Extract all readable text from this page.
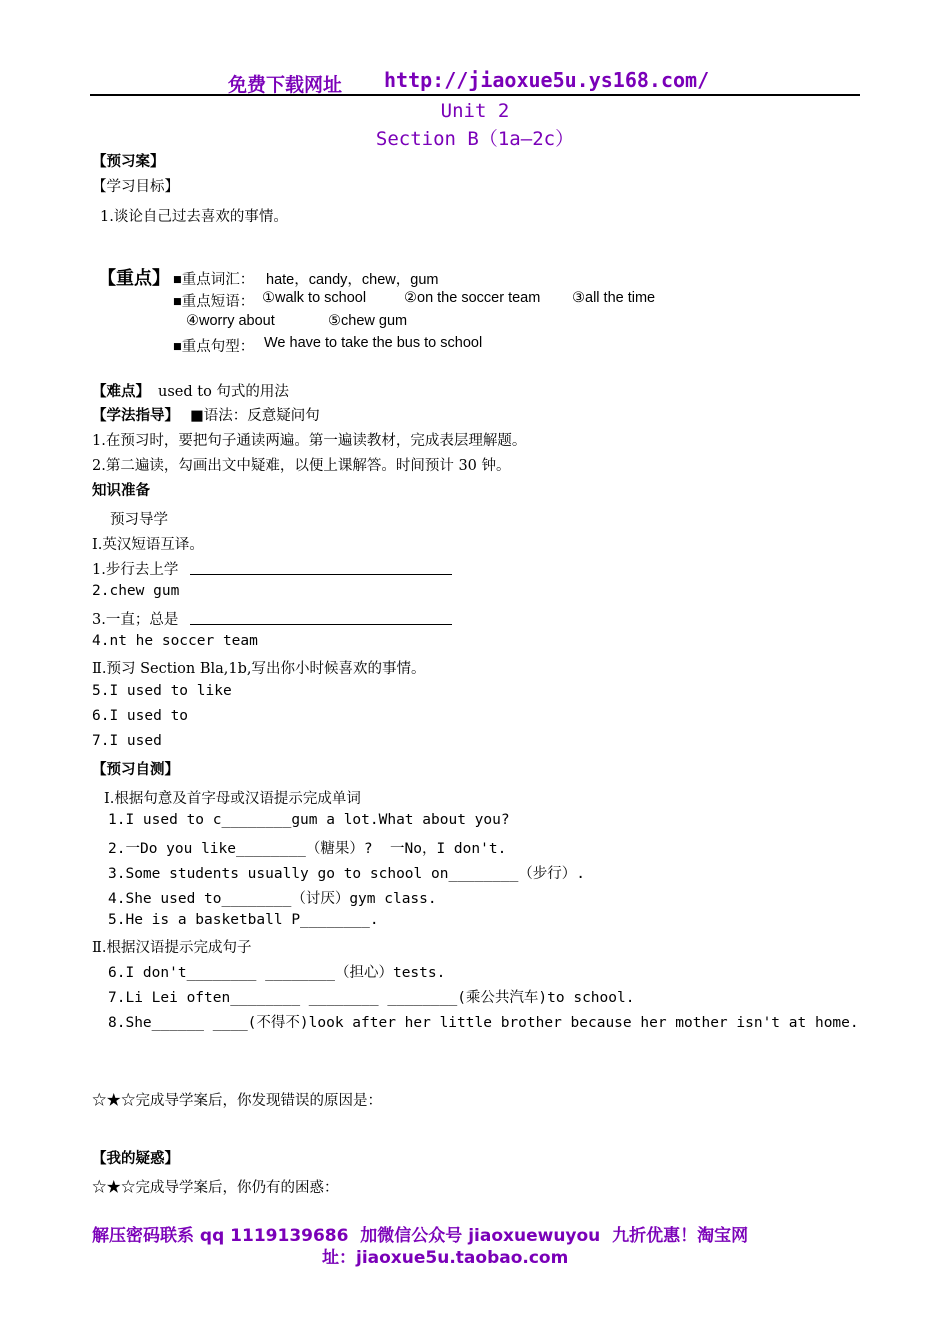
免费下载网址 http://jiaoxue5u.ys168.com/
Unit 2
Section B（1a—2c）
【预习案】
【学习目标】
1.谈论自己过去喜欢的事情。
【重点】 ■重点词汇： hate，candy，chew，gum
■重点短语： ①walk to school	②on the soccer team ③all the time
④worry about	⑤chew gum
■重点句型： We have to take the bus to school
【难点】 used to 句式的用法
【学法指导】 ■语法：反意疑问句
1.在预习时，要把句子通读两遍。第一遍读教材，完成表层理解题。
2.第二遍读，勾画出文中疑难，以便上课解答。时间预计 30 钟。
知识准备
预习导学
Ⅰ.英汉短语互译。
1.步行去上学
2.chew gum
3.一直；总是
4.nt he soccer team
Ⅱ.预习 Section Bla,1b,写出你小时候喜欢的事情。
5.I used to like
6.I used to
7.I used
【预习自测】
Ⅰ.根据句意及首字母或汉语提示完成单词
1.I used to c________gum a lot.What about you?
2.一Do you like________（糖果）?  一No，I don't.
3.Some students usually go to school on________（步行）.
4.She used to________（讨厌）gym class.
5.He is a basketball P________.
Ⅱ.根据汉语提示完成句子
6.I don't________ ________（担心）tests.
7.Li Lei often________ ________ ________(乘公共汽车)to school.
8.She______ ____(不得不)look after her little brother because her mother isn't at home.
☆★☆完成导学案后，你发现错误的原因是：
【我的疑惑】
☆★☆完成导学案后，你仍有的困惑：
解压密码联系 qq 1119139686  加微信公众号 jiaoxuewuyou  九折优惠！淘宝网
址：jiaoxue5u.taobao.com
